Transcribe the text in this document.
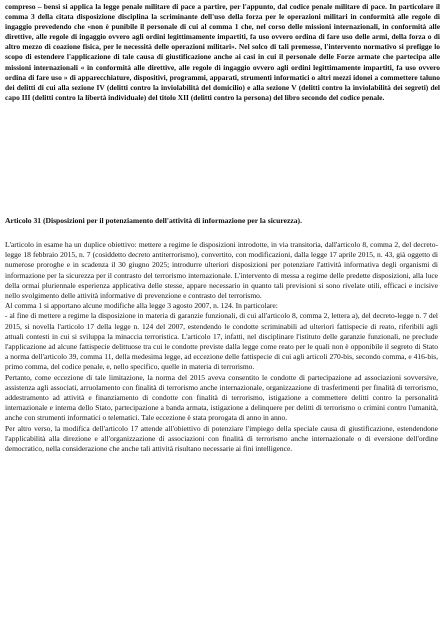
compreso – bensì si applica la legge penale militare di pace a partire, per l'appunto, dal codice penale militare di pace. In particolare il comma 3 della citata disposizione disciplina la scriminante dell'uso della forza per le operazioni militari in conformità alle regole di ingaggio prevedendo che «non è punibile il personale di cui al comma 1 che, nel corso delle missioni internazionali, in conformità alle direttive, alle regole di ingaggio ovvero agli ordini legittimamente impartiti, fa uso ovvero ordina di fare uso delle armi, della forza o di altro mezzo di coazione fisica, per le necessità delle operazioni militari». Nel solco di tali premesse, l'intervento normativo si prefigge lo scopo di estendere l'applicazione di tale causa di giustificazione anche ai casi in cui il personale delle Forze armate che partecipa alle missioni internazionali « in conformità alle direttive, alle regole di ingaggio ovvero agli ordini legittimamente impartiti, fa uso ovvero ordina di fare uso » di apparecchiature, dispositivi, programmi, apparati, strumenti informatici o altri mezzi idonei a commettere taluno dei delitti di cui alla sezione IV (delitti contro la inviolabilità del domicilio) e alla sezione V (delitti contro la inviolabilità dei segreti) del capo III (delitti contro la libertà individuale) del titolo XII (delitti contro la persona) del libro secondo del codice penale.

Articolo 31 (Disposizioni per il potenziamento dell'attività di informazione per la sicurezza).

L'articolo in esame ha un duplice obiettivo: mettere a regime le disposizioni introdotte, in via transitoria, dall'articolo 8, comma 2, del decreto-legge 18 febbraio 2015, n. 7 (cosiddetto decreto antiterrorismo), convertito, con modificazioni, dalla legge 17 aprile 2015, n. 43, già oggetto di numerose proroghe e in scadenza il 30 giugno 2025; introdurre ulteriori disposizioni per potenziare l'attività informativa degli organismi di informazione per la sicurezza per il contrasto del terrorismo internazionale. L'intervento di messa a regime delle predette disposizioni, alla luce della ormai pluriennale esperienza applicativa delle stesse, appare necessario in quanto tali previsioni si sono rivelate utili, efficaci e incisive nello svolgimento delle attività informative di prevenzione e contrasto del terrorismo.

Al comma 1 si apportano alcune modifiche alla legge 3 agosto 2007, n. 124. In particolare:

- al fine di mettere a regime la disposizione in materia di garanzie funzionali, di cui all'articolo 8, comma 2, lettera a), del decreto-legge n. 7 del 2015, si novella l'articolo 17 della legge n. 124 del 2007, estendendo le condotte scriminabili ad ulteriori fattispecie di reato, riferibili agli attuali contesti in cui si sviluppa la minaccia terroristica. L'articolo 17, infatti, nel disciplinare l'istituto delle garanzie funzionali, ne preclude l'applicazione ad alcune fattispecie delittuose tra cui le condotte previste dalla legge come reato per le quali non è opponibile il segreto di Stato a norma dell'articolo 39, comma 11, della medesima legge, ad eccezione delle fattispecie di cui agli articoli 270-bis, secondo comma, e 416-bis, primo comma, del codice penale, e, nello specifico, quelle in materia di terrorismo.

Pertanto, come eccezione di tale limitazione, la norma del 2015 aveva consentito le condotte di partecipazione ad associazioni sovversive, assistenza agli associati, arruolamento con finalità di terrorismo anche internazionale, organizzazione di trasferimenti per finalità di terrorismo, addestramento ad attività e finanziamento di condotte con finalità di terrorismo, istigazione a commettere delitti contro la personalità internazionale e interna dello Stato, partecipazione a banda armata, istigazione a delinquere per delitti di terrorismo o crimini contro l'umanità, anche con strumenti informatici o telematici. Tale eccezione è stata prorogata di anno in anno.

Per altro verso, la modifica dell'articolo 17 attende all'obiettivo di potenziare l'impiego della speciale causa di giustificazione, estendendone l'applicabilità alla direzione e all'organizzazione di associazioni con finalità di terrorismo anche internazionale o di eversione dell'ordine democratico, nella considerazione che anche tali attività risultano necessarie ai fini intelligence.
